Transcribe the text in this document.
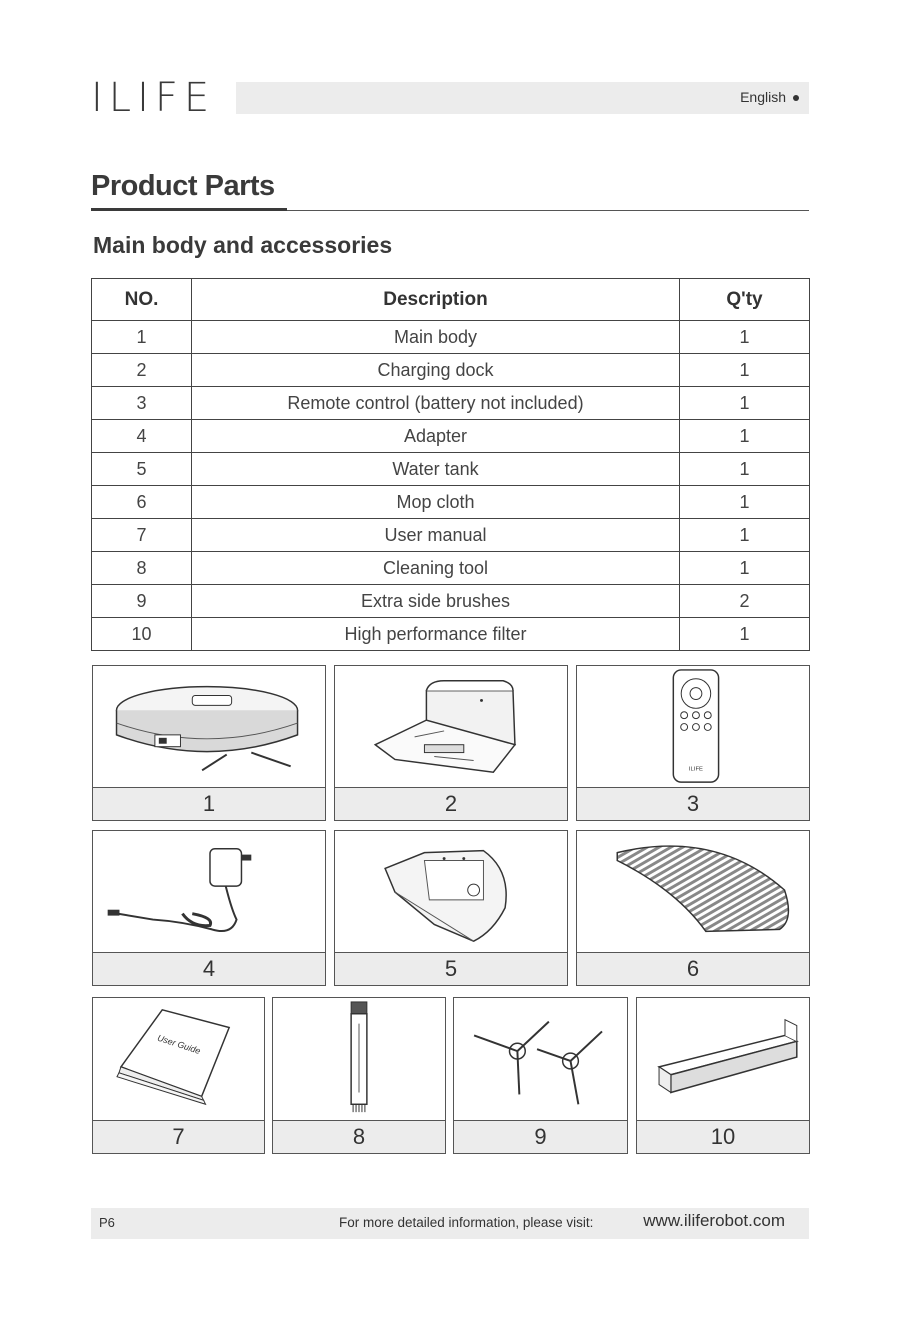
ILIFE	English
Product Parts
Main body and accessories
NO.	Description	Q'ty
1	Main body	1
2	Charging dock	1
3	Remote control (battery not included)	1
4	Adapter	1
5	Water tank	1
6	Mop cloth	1
7	User manual	1
8	Cleaning tool	1
9	Extra side brushes	2
10	High performance filter	1
1	2
ILIFE
3
4	5	6
User Guide
7	8	9	10
P6	For more detailed information, please visit:	www.iliferobot.com
